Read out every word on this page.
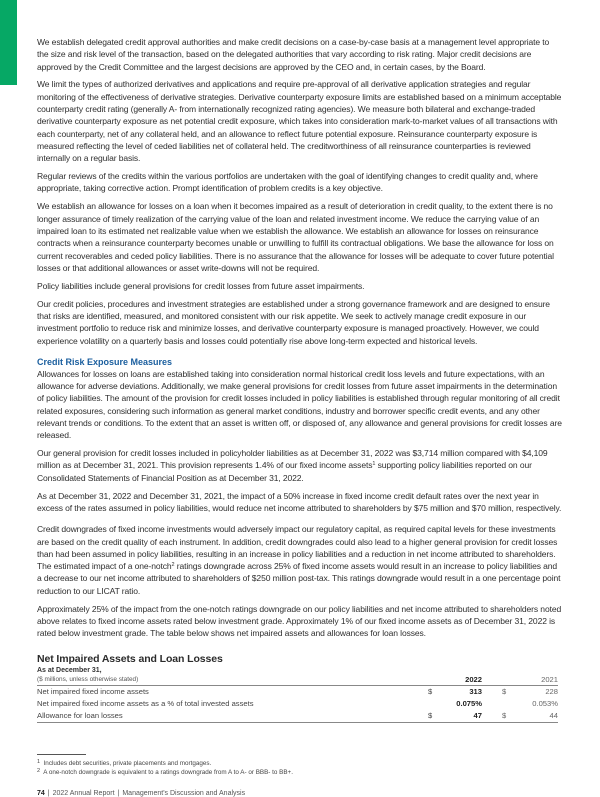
We establish delegated credit approval authorities and make credit decisions on a case-by-case basis at a management level appropriate to the size and risk level of the transaction, based on the delegated authorities that vary according to risk rating. Major credit decisions are approved by the Credit Committee and the largest decisions are approved by the CEO and, in certain cases, by the Board.

We limit the types of authorized derivatives and applications and require pre-approval of all derivative application strategies and regular monitoring of the effectiveness of derivative strategies. Derivative counterparty exposure limits are established based on a minimum acceptable counterparty credit rating (generally A- from internationally recognized rating agencies). We measure both bilateral and exchange-traded derivative counterparty exposure as net potential credit exposure, which takes into consideration mark-to-market values of all transactions with each counterparty, net of any collateral held, and an allowance to reflect future potential exposure. Reinsurance counterparty exposure is measured reflecting the level of ceded liabilities net of collateral held. The creditworthiness of all reinsurance counterparties is reviewed internally on a regular basis.

Regular reviews of the credits within the various portfolios are undertaken with the goal of identifying changes to credit quality and, where appropriate, taking corrective action. Prompt identification of problem credits is a key objective.

We establish an allowance for losses on a loan when it becomes impaired as a result of deterioration in credit quality, to the extent there is no longer assurance of timely realization of the carrying value of the loan and related investment income. We reduce the carrying value of an impaired loan to its estimated net realizable value when we establish the allowance. We establish an allowance for losses on reinsurance contracts when a reinsurance counterparty becomes unable or unwilling to fulfill its contractual obligations. We base the allowance for loss on current recoverables and ceded policy liabilities. There is no assurance that the allowance for losses will be adequate to cover future potential losses or that additional allowances or asset write-downs will not be required.

Policy liabilities include general provisions for credit losses from future asset impairments.

Our credit policies, procedures and investment strategies are established under a strong governance framework and are designed to ensure that risks are identified, measured, and monitored consistent with our risk appetite. We seek to actively manage credit exposure in our investment portfolio to reduce risk and minimize losses, and derivative counterparty exposure is managed proactively. However, we could experience volatility on a quarterly basis and losses could potentially rise above long-term expected and historical levels.

Credit Risk Exposure Measures

Allowances for losses on loans are established taking into consideration normal historical credit loss levels and future expectations, with an allowance for adverse deviations. Additionally, we make general provisions for credit losses from future asset impairments in the determination of policy liabilities. The amount of the provision for credit losses included in policy liabilities is established through regular monitoring of all credit related exposures, considering such information as general market conditions, industry and borrower specific credit events, and any other relevant trends or conditions. To the extent that an asset is written off, or disposed of, any allowance and general provisions for credit losses are released.

Our general provision for credit losses included in policyholder liabilities as at December 31, 2022 was $3,714 million compared with $4,109 million as at December 31, 2021. This provision represents 1.4% of our fixed income assets$^1$ supporting policy liabilities reported on our Consolidated Statements of Financial Position as at December 31, 2022.

As at December 31, 2022 and December 31, 2021, the impact of a 50% increase in fixed income credit default rates over the next year in excess of the rates assumed in policy liabilities, would reduce net income attributed to shareholders by $75 million and $70 million, respectively.

Credit downgrades of fixed income investments would adversely impact our regulatory capital, as required capital levels for these investments are based on the credit quality of each instrument. In addition, credit downgrades could also lead to a higher general provision for credit losses than had been assumed in policy liabilities, resulting in an increase in policy liabilities and a reduction in net income attributed to shareholders. The estimated impact of a one-notch$^2$ ratings downgrade across 25% of fixed income assets would result in an increase to policy liabilities and a decrease to our net income attributed to shareholders of $250 million post-tax. This ratings downgrade would result in a one percentage point reduction to our LICAT ratio.

Approximately 25% of the impact from the one-notch ratings downgrade on our policy liabilities and net income attributed to shareholders noted above relates to fixed income assets rated below investment grade. Approximately 1% of our fixed income assets as of December 31, 2022 is rated below investment grade. The table below shows net impaired assets and allowances for loan losses.

Net Impaired Assets and Loan Losses

As at December 31,
($ millions, unless otherwise stated)		2022			2021
Net impaired fixed income assets	$	313		$	228
Net impaired fixed income assets as a % of total invested assets		0.075%			0.053%
Allowance for loan losses	$	47		$	44
$^1$ Includes debt securities, private placements and mortgages.
$^2$ A one-notch downgrade is equivalent to a ratings downgrade from A to A- or BBB- to BB+.
74 | 2022 Annual Report | Management's Discussion and Analysis
